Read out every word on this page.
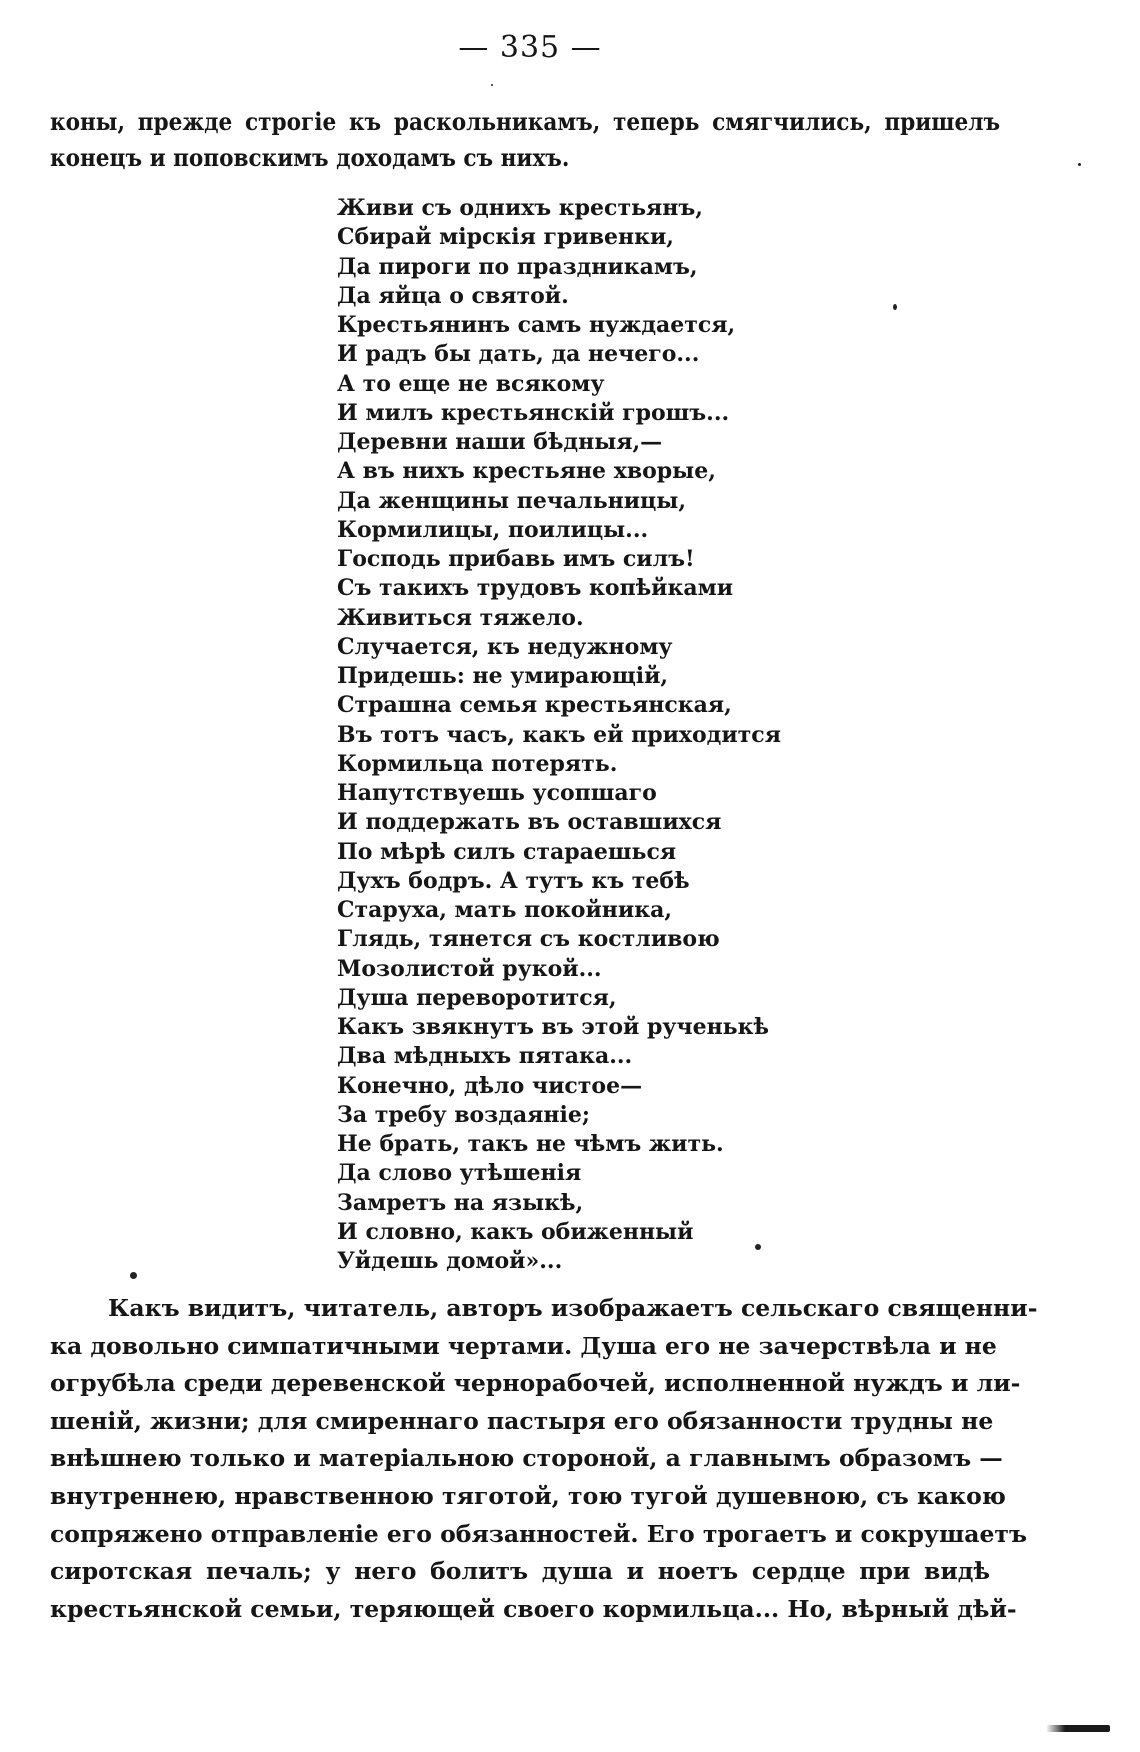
— 335 —
коны, прежде строгіе къ раскольникамъ, теперь смягчились, пришелъ
конецъ и поповскимъ доходамъ съ нихъ.
Живи съ однихъ крестьянъ,
Сбирай мірскія гривенки,
Да пироги по праздникамъ,
Да яйца о святой.
Крестьянинъ самъ нуждается,
И радъ бы дать, да нечего...
А то еще не всякому
И милъ крестьянскій грошъ...
Деревни наши бѣдныя,—
А въ нихъ крестьяне хворые,
Да женщины печальницы,
Кормилицы, поилицы...
Господь прибавь имъ силъ!
Съ такихъ трудовъ копѣйками
Живиться тяжело.
Случается, къ недужному
Придешь: не умирающій,
Страшна семья крестьянская,
Въ тотъ часъ, какъ ей приходится
Кормильца потерять.
Напутствуешь усопшаго
И поддержать въ оставшихся
По мѣрѣ силъ стараешься
Духъ бодръ. А тутъ къ тебѣ
Старуха, мать покойника,
Глядь, тянется съ костливою
Мозолистой рукой...
Душа переворотится,
Какъ звякнутъ въ этой рученькѣ
Два мѣдныхъ пятака...
Конечно, дѣло чистое—
За требу воздаяніе;
Не брать, такъ не чѣмъ жить.
Да слово утѣшенія
Замретъ на языкѣ,
И словно, какъ обиженный
Уйдешь домой»...
Какъ видитъ, читатель, авторъ изображаетъ сельскаго священни-
ка довольно симпатичными чертами. Душа его не зачерствѣла и не
огрубѣла среди деревенской чернорабочей, исполненной нуждъ и ли-
шеній, жизни; для смиреннаго пастыря его обязанности трудны не
внѣшнею только и матеріальною стороной, а главнымъ образомъ —
внутреннею, нравственною тяготой, тою тугой душевною, съ какою
сопряжено отправленіе его обязанностей. Его трогаетъ и сокрушаетъ
сиротская печаль; у него болитъ душа и ноетъ сердце при видѣ
крестьянской семьи, теряющей своего кормильца... Но, вѣрный дѣй-
